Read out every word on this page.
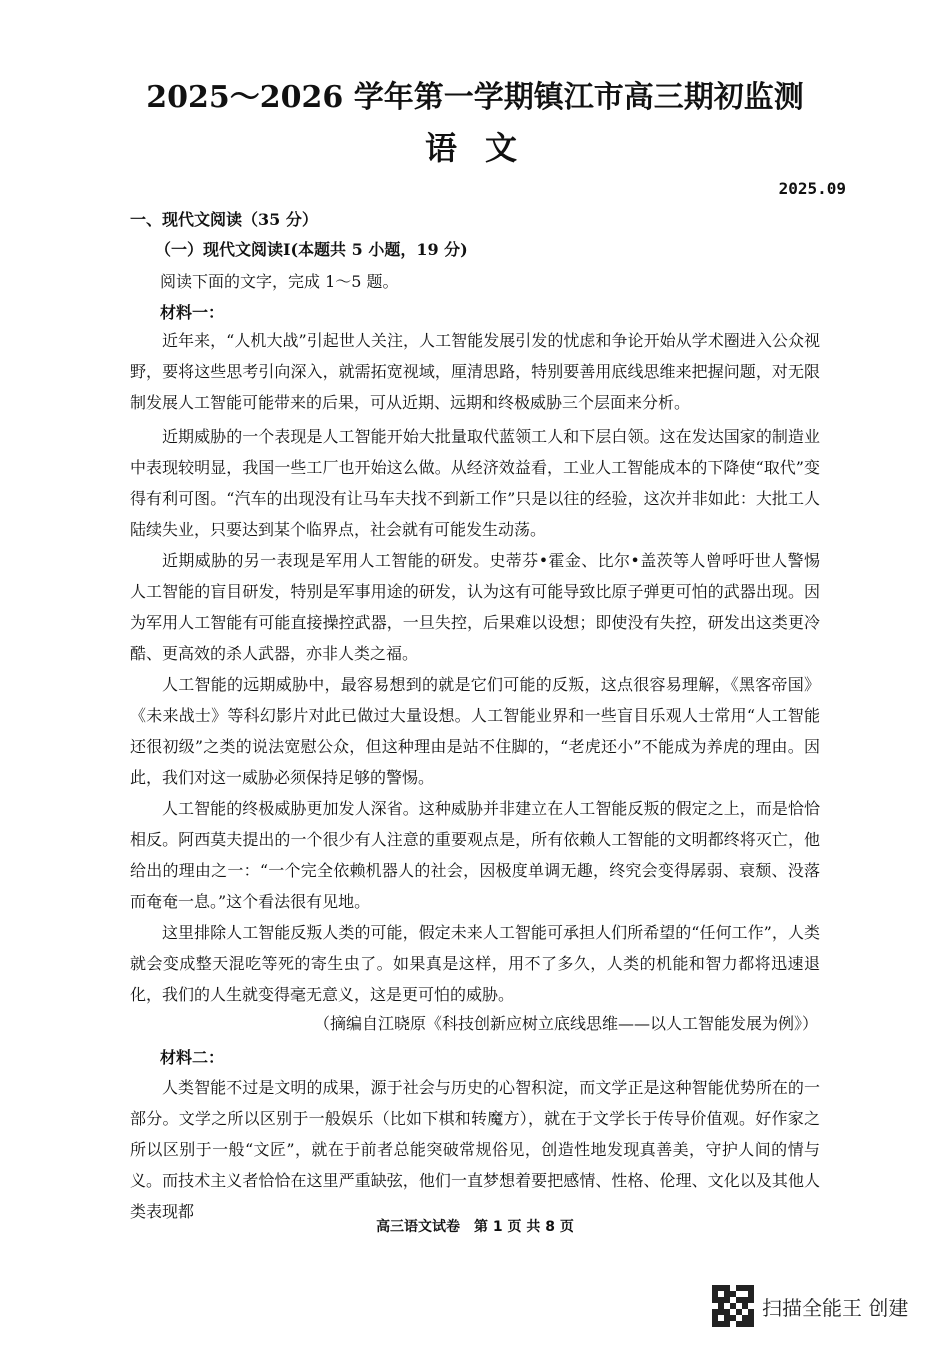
2025～2026 学年第一学期镇江市高三期初监测
语文
2025.09
一、现代文阅读（35 分）
（一）现代文阅读Ⅰ(本题共 5 小题，19 分)
阅读下面的文字，完成 1～5 题。
材料一：
近年来，“人机大战”引起世人关注，人工智能发展引发的忧虑和争论开始从学术圈进入公众视野，要将这些思考引向深入，就需拓宽视域，厘清思路，特别要善用底线思维来把握问题，对无限制发展人工智能可能带来的后果，可从近期、远期和终极威胁三个层面来分析。
近期威胁的一个表现是人工智能开始大批量取代蓝领工人和下层白领。这在发达国家的制造业中表现较明显，我国一些工厂也开始这么做。从经济效益看，工业人工智能成本的下降使“取代”变得有利可图。“汽车的出现没有让马车夫找不到新工作”只是以往的经验，这次并非如此：大批工人陆续失业，只要达到某个临界点，社会就有可能发生动荡。
近期威胁的另一表现是军用人工智能的研发。史蒂芬•霍金、比尔•盖茨等人曾呼吁世人警惕人工智能的盲目研发，特别是军事用途的研发，认为这有可能导致比原子弹更可怕的武器出现。因为军用人工智能有可能直接操控武器，一旦失控，后果难以设想；即使没有失控，研发出这类更冷酷、更高效的杀人武器，亦非人类之福。
人工智能的远期威胁中，最容易想到的就是它们可能的反叛，这点很容易理解，《黑客帝国》《未来战士》等科幻影片对此已做过大量设想。人工智能业界和一些盲目乐观人士常用“人工智能还很初级”之类的说法宽慰公众，但这种理由是站不住脚的，“老虎还小”不能成为养虎的理由。因此，我们对这一威胁必须保持足够的警惕。
人工智能的终极威胁更加发人深省。这种威胁并非建立在人工智能反叛的假定之上，而是恰恰相反。阿西莫夫提出的一个很少有人注意的重要观点是，所有依赖人工智能的文明都终将灭亡，他给出的理由之一：“一个完全依赖机器人的社会，因极度单调无趣，终究会变得孱弱、衰颓、没落而奄奄一息。”这个看法很有见地。
这里排除人工智能反叛人类的可能，假定未来人工智能可承担人们所希望的“任何工作”，人类就会变成整天混吃等死的寄生虫了。如果真是这样，用不了多久，人类的机能和智力都将迅速退化，我们的人生就变得毫无意义，这是更可怕的威胁。
（摘编自江晓原《科技创新应树立底线思维——以人工智能发展为例》）
材料二：
人类智能不过是文明的成果，源于社会与历史的心智积淀，而文学正是这种智能优势所在的一部分。文学之所以区别于一般娱乐（比如下棋和转魔方），就在于文学长于传导价值观。好作家之所以区别于一般“文匠”，就在于前者总能突破常规俗见，创造性地发现真善美，守护人间的情与义。而技术主义者恰恰在这里严重缺弦，他们一直梦想着要把感情、性格、伦理、文化以及其他人类表现都
高三语文试卷　第 1 页 共 8 页
扫描全能王 创建
